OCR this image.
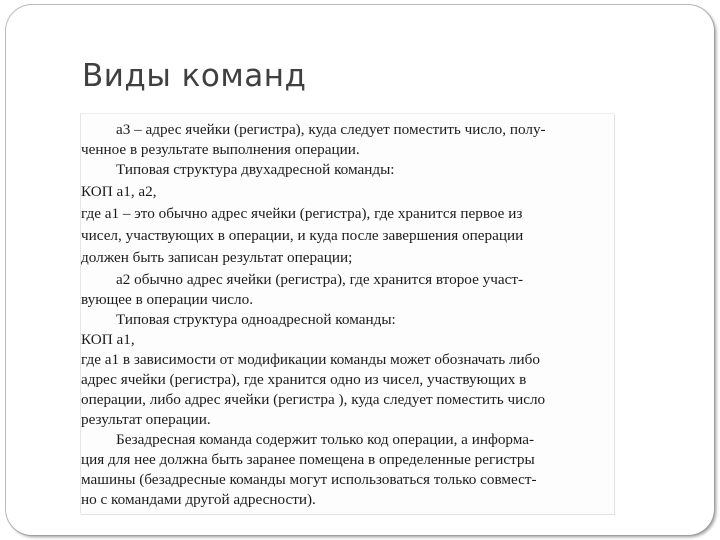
Виды команд

а3 – адрес ячейки (регистра), куда следует поместить число, полу-

ченное в результате выполнения операции.

Типовая структура двухадресной команды:

КОП а1, а2,

где а1 – это обычно адрес ячейки (регистра), где хранится первое из

чисел, участвующих в операции, и куда после завершения операции

должен быть записан результат операции;

а2 обычно адрес ячейки (регистра), где хранится второе участ-

вующее в операции число.

Типовая структура одноадресной команды:

КОП а1,

где а1 в зависимости от модификации команды может обозначать либо

адрес ячейки (регистра), где хранится одно из чисел, участвующих в

операции, либо адрес ячейки (регистра ), куда следует поместить число

результат операции.

Безадресная команда содержит только код операции, а информа-

ция для нее должна быть заранее помещена в определенные регистры

машины (безадресные команды могут использоваться только совмест-

но с командами другой адресности).
